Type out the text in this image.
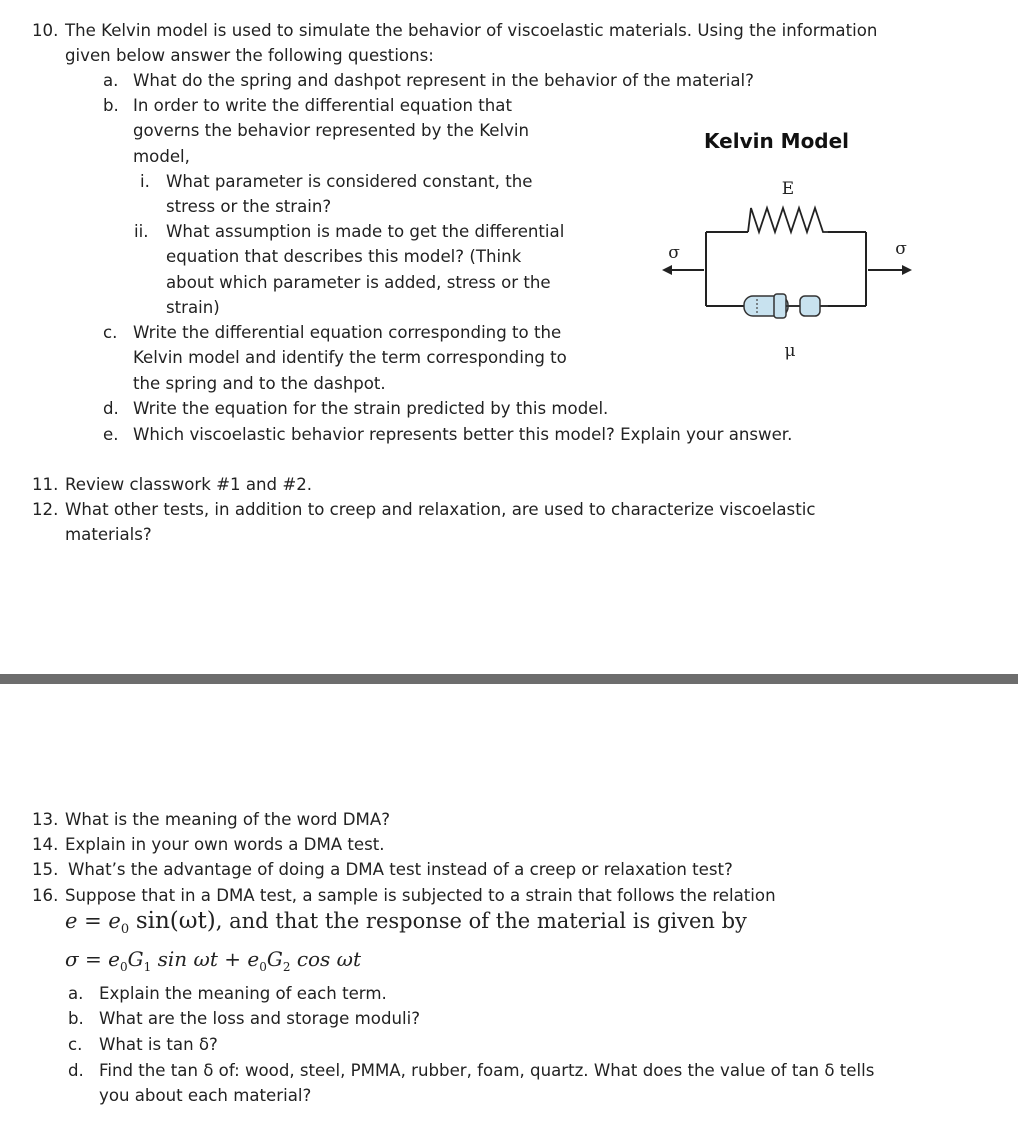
10. The Kelvin model is used to simulate the behavior of viscoelastic materials. Using the information
given below answer the following questions:
a. What do the spring and dashpot represent in the behavior of the material?
b. In order to write the differential equation that
governs the behavior represented by the Kelvin
model,
i. What parameter is considered constant, the
stress or the strain?
ii. What assumption is made to get the differential
equation that describes this model? (Think
about which parameter is added, stress or the
strain)
c. Write the differential equation corresponding to the
Kelvin model and identify the term corresponding to
the spring and to the dashpot.
d. Write the equation for the strain predicted by this model.
e. Which viscoelastic behavior represents better this model? Explain your answer.
Kelvin Model
E
σ	σ
μ
11. Review classwork #1 and #2.
12. What other tests, in addition to creep and relaxation, are used to characterize viscoelastic
materials?
13. What is the meaning of the word DMA?
14. Explain in your own words a DMA test.
15. What’s the advantage of doing a DMA test instead of a creep or relaxation test?
16. Suppose that in a DMA test, a sample is subjected to a strain that follows the relation
$e = e_0$ sin(ωt), and that the response of the material is given by
$\sigma = e_0G_1$ $\sin \omega t + e_0G_2$ cos ωt
a. Explain the meaning of each term.
b. What are the loss and storage moduli?
c. What is tan δ?
d. Find the tan δ of: wood, steel, PMMA, rubber, foam, quartz. What does the value of tan δ tells
you about each material?
